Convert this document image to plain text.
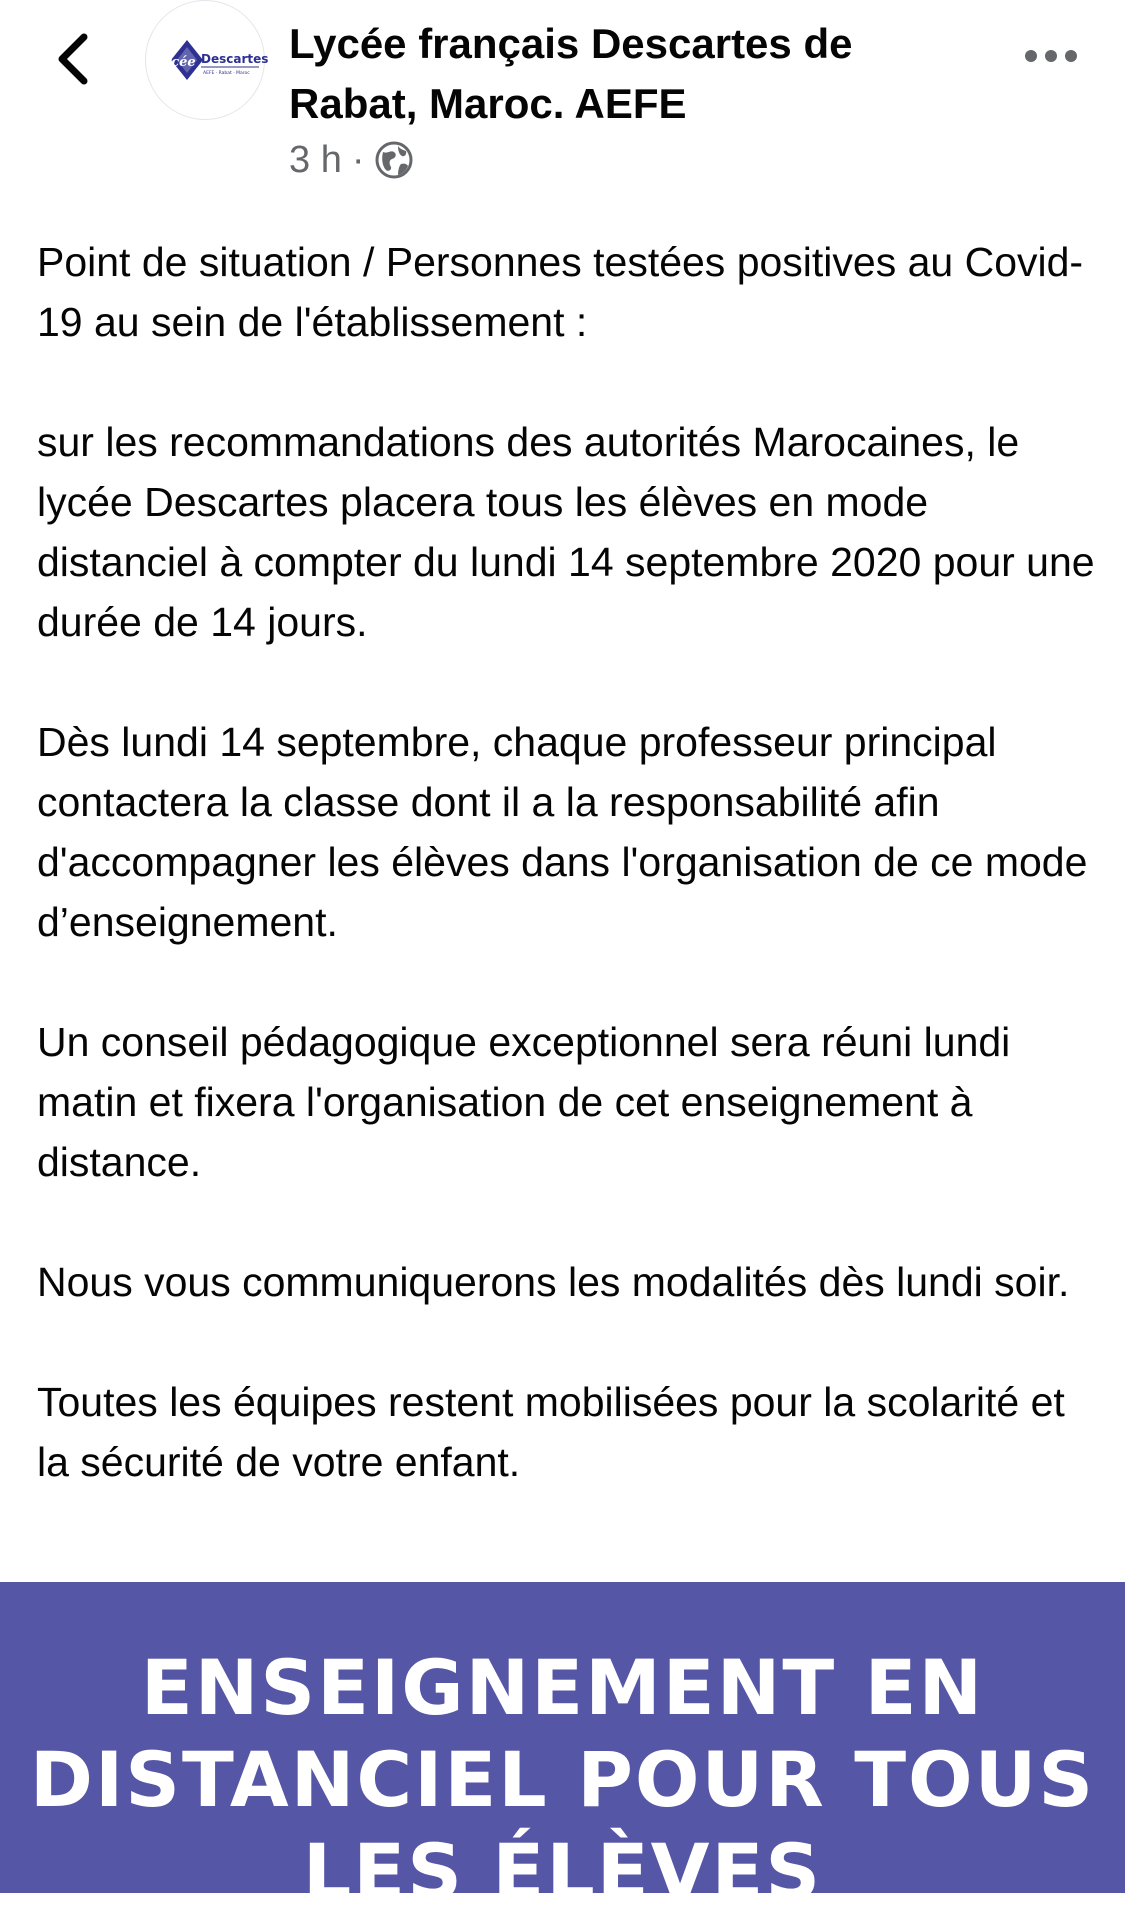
Lycée Descartes
AEFE · Rabat · Maroc
Lycée français Descartes de
Rabat, Maroc. AEFE
3 h ·

Point de situation / Personnes testées positives au Covid-19 au sein de l'établissement :

sur les recommandations des autorités Marocaines, le lycée Descartes placera tous les élèves en mode distanciel à compter du lundi 14 septembre 2020 pour une durée de 14 jours.

Dès lundi 14 septembre, chaque professeur principal contactera la classe dont il a la responsabilité afin d'accompagner les élèves dans l'organisation de ce mode d’enseignement.

Un conseil pédagogique exceptionnel sera réuni lundi matin et fixera l'organisation de cet enseignement à distance.

Nous vous communiquerons les modalités dès lundi soir.

Toutes les équipes restent mobilisées pour la scolarité et la sécurité de votre enfant.

ENSEIGNEMENT EN
DISTANCIEL POUR TOUS
LES ÉLÈVES
